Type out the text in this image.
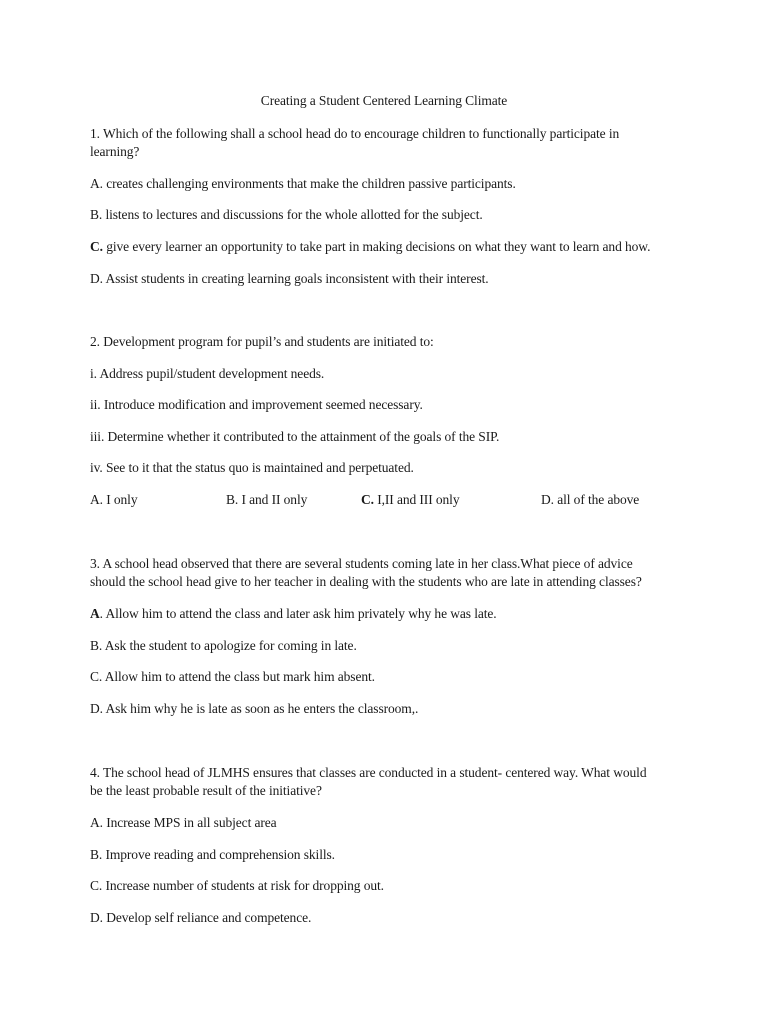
Creating a Student Centered Learning Climate
1. Which of the following shall a school head do to encourage children to functionally participate in
learning?
A. creates challenging environments that make the children passive participants.
B. listens to lectures and discussions for the whole allotted for the subject.
C. give every learner an opportunity to take part in making decisions on what they want to learn and how.
D. Assist students in creating learning goals inconsistent with their interest.
2. Development program for pupil’s and students are initiated to:
i. Address pupil/student development needs.
ii. Introduce modification and improvement seemed necessary.
iii. Determine whether it contributed to the attainment of the goals of the SIP.
iv. See to it that the status quo is maintained and perpetuated.
A. I only	B. I and II only	C. I,II and III only	D. all of the above
3. A school head observed that there are several students coming late in her class.What piece of advice
should the school head give to her teacher in dealing with the students who are late in attending classes?
A. Allow him to attend the class and later ask him privately why he was late.
B. Ask the student to apologize for coming in late.
C. Allow him to attend the class but mark him absent.
D. Ask him why he is late as soon as he enters the classroom,.
4. The school head of JLMHS ensures that classes are conducted in a student- centered way. What would
be the least probable result of the initiative?
A. Increase MPS in all subject area
B. Improve reading and comprehension skills.
C. Increase number of students at risk for dropping out.
D. Develop self reliance and competence.
